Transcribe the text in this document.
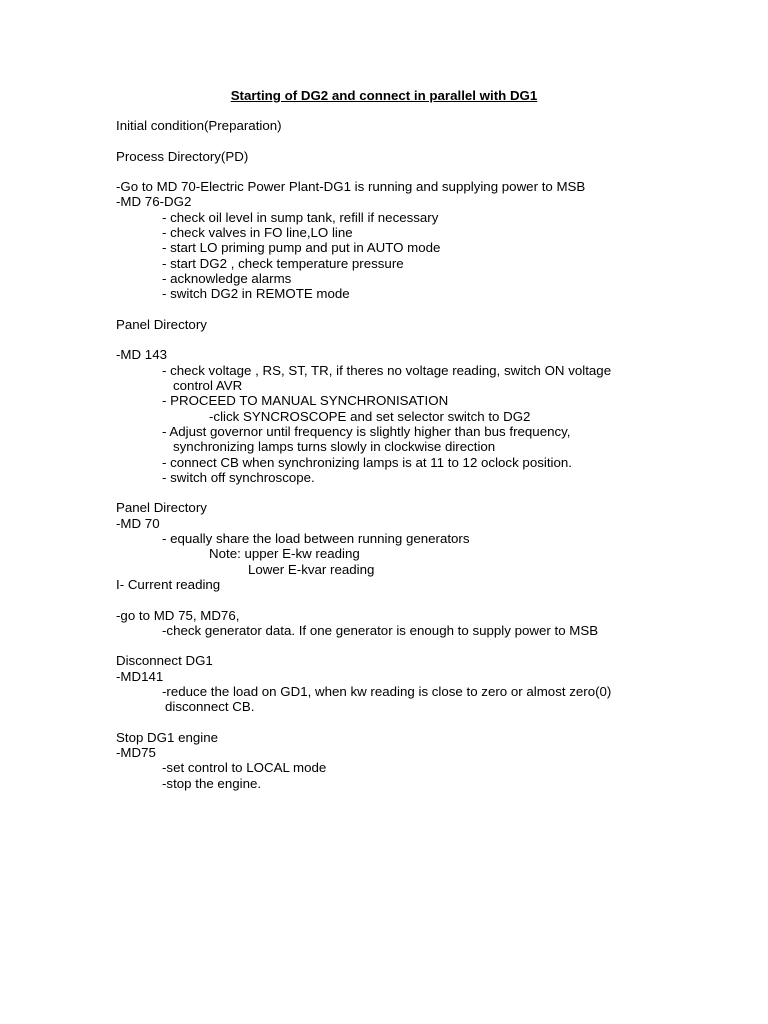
Starting of DG2 and connect in parallel with DG1
Initial condition(Preparation)
Process Directory(PD)
-Go to MD 70-Electric Power Plant-DG1 is running and supplying power to MSB
-MD 76-DG2
- check oil level in sump tank, refill if necessary
- check valves in FO line,LO line
- start LO priming pump and put in AUTO mode
- start DG2 , check temperature pressure
- acknowledge alarms
- switch DG2 in REMOTE mode
Panel Directory
-MD 143
- check voltage , RS, ST, TR, if theres no voltage reading, switch ON voltage
control AVR
- PROCEED TO MANUAL SYNCHRONISATION
-click SYNCROSCOPE and set selector switch to DG2
- Adjust governor until frequency is slightly higher than bus frequency,
synchronizing lamps turns slowly in clockwise direction
- connect CB when synchronizing lamps is at 11 to 12 oclock position.
- switch off synchroscope.
Panel Directory
-MD 70
- equally share the load between running generators
Note: upper E-kw reading
Lower E-kvar reading
I- Current reading
-go to MD 75, MD76,
-check generator data. If one generator is enough to supply power to MSB
Disconnect DG1
-MD141
-reduce the load on GD1, when kw reading is close to zero or almost zero(0)
disconnect CB.
Stop DG1 engine
-MD75
-set control to LOCAL mode
-stop the engine.
